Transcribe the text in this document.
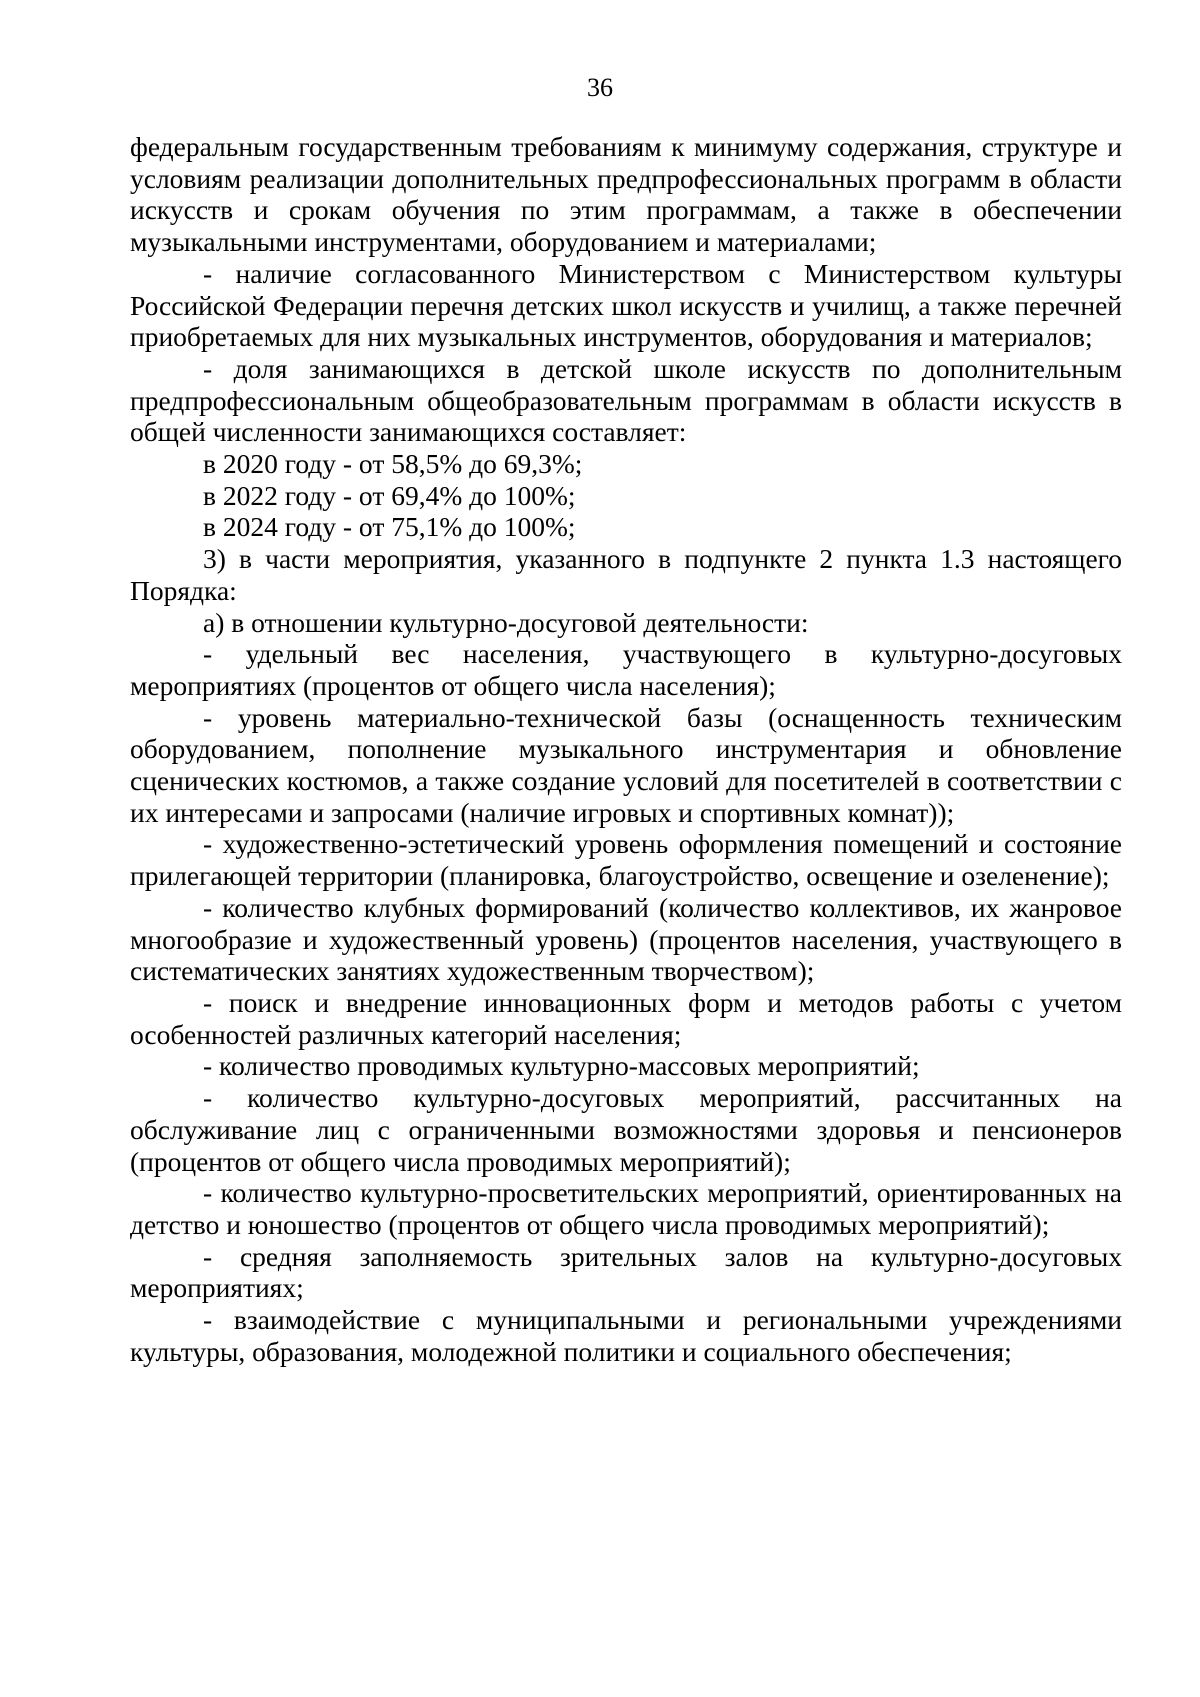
36

федеральным государственным требованиям к минимуму содержания, структуре и условиям реализации дополнительных предпрофессиональных программ в области искусств и срокам обучения по этим программам, а также в обеспечении музыкальными инструментами, оборудованием и материалами;

- наличие согласованного Министерством с Министерством культуры Российской Федерации перечня детских школ искусств и училищ, а также перечней приобретаемых для них музыкальных инструментов, оборудования и материалов;

- доля занимающихся в детской школе искусств по дополнительным предпрофессиональным общеобразовательным программам в области искусств в общей численности занимающихся составляет:

в 2020 году - от 58,5% до 69,3%;

в 2022 году - от 69,4% до 100%;

в 2024 году - от 75,1% до 100%;

3) в части мероприятия, указанного в подпункте 2 пункта 1.3 настоящего Порядка:

а) в отношении культурно-досуговой деятельности:

- удельный вес населения, участвующего в культурно-досуговых мероприятиях (процентов от общего числа населения);

- уровень материально-технической базы (оснащенность техническим оборудованием, пополнение музыкального инструментария и обновление сценических костюмов, а также создание условий для посетителей в соответствии с их интересами и запросами (наличие игровых и спортивных комнат));

- художественно-эстетический уровень оформления помещений и состояние прилегающей территории (планировка, благоустройство, освещение и озеленение);

- количество клубных формирований (количество коллективов, их жанровое многообразие и художественный уровень) (процентов населения, участвующего в систематических занятиях художественным творчеством);

- поиск и внедрение инновационных форм и методов работы с учетом особенностей различных категорий населения;

- количество проводимых культурно-массовых мероприятий;

- количество культурно-досуговых мероприятий, рассчитанных на обслуживание лиц с ограниченными возможностями здоровья и пенсионеров (процентов от общего числа проводимых мероприятий);

- количество культурно-просветительских мероприятий, ориентированных на детство и юношество (процентов от общего числа проводимых мероприятий);

- средняя заполняемость зрительных залов на культурно-досуговых мероприятиях;

- взаимодействие с муниципальными и региональными учреждениями культуры, образования, молодежной политики и социального обеспечения;
